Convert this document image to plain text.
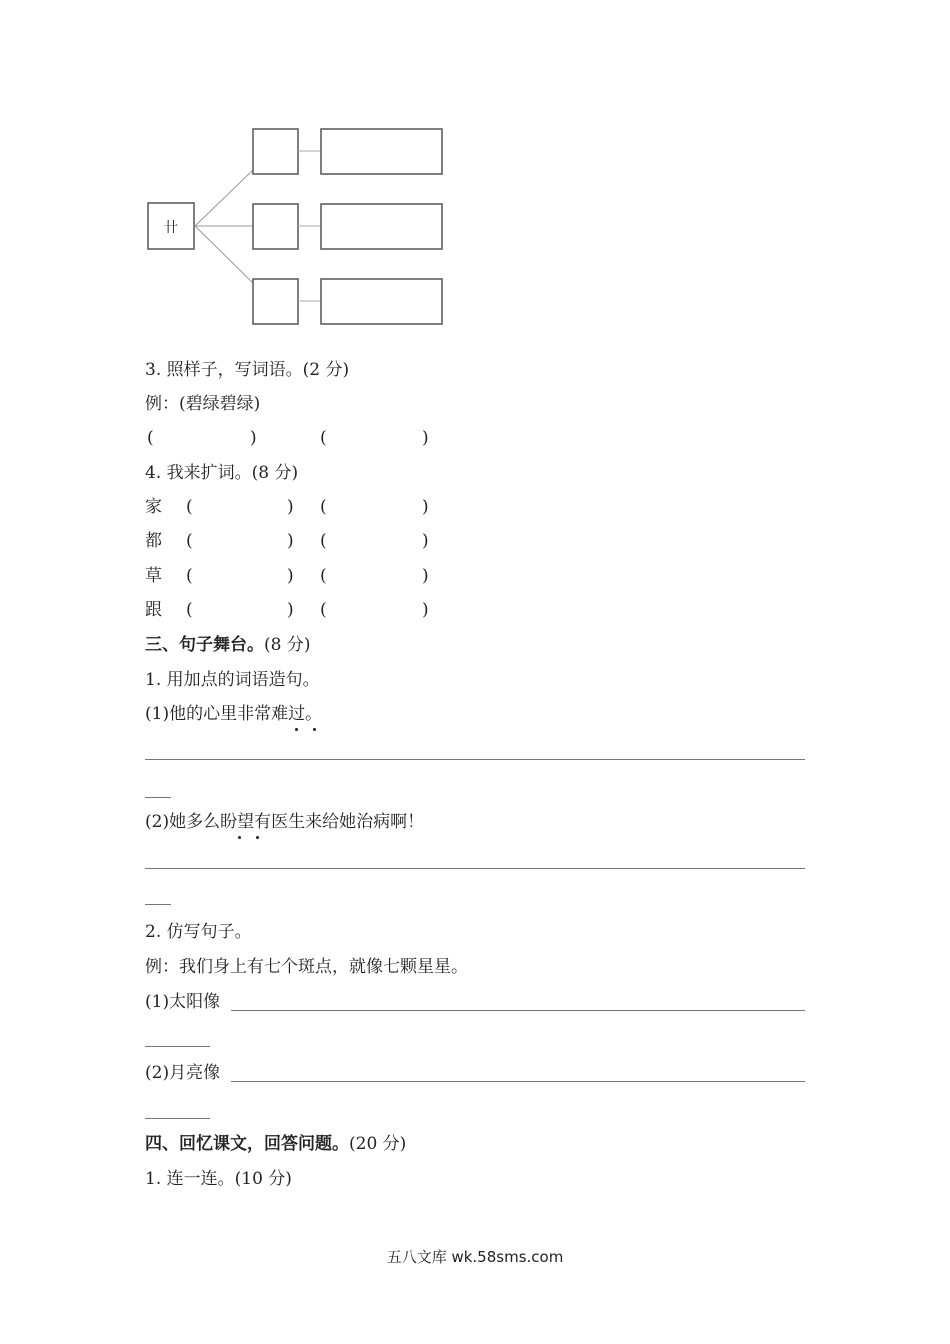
卄
3. 照样子，写词语。(2 分)
例：(碧绿碧绿)
(	)	(	)
4. 我来扩词。(8 分)
家 (	) (	)
都 (	) (	)
草 (	) (	)
跟 (	) (	)
三、句子舞台。(8 分)
1. 用加点的词语造句。
(1)他的心里非常难过。
(2)她多么盼望有医生来给她治病啊！
2. 仿写句子。
例：我们身上有七个斑点，就像七颗星星。
(1)太阳像
(2)月亮像
四、回忆课文，回答问题。(20 分)
1. 连一连。(10 分)
五八文库 wk.58sms.com
